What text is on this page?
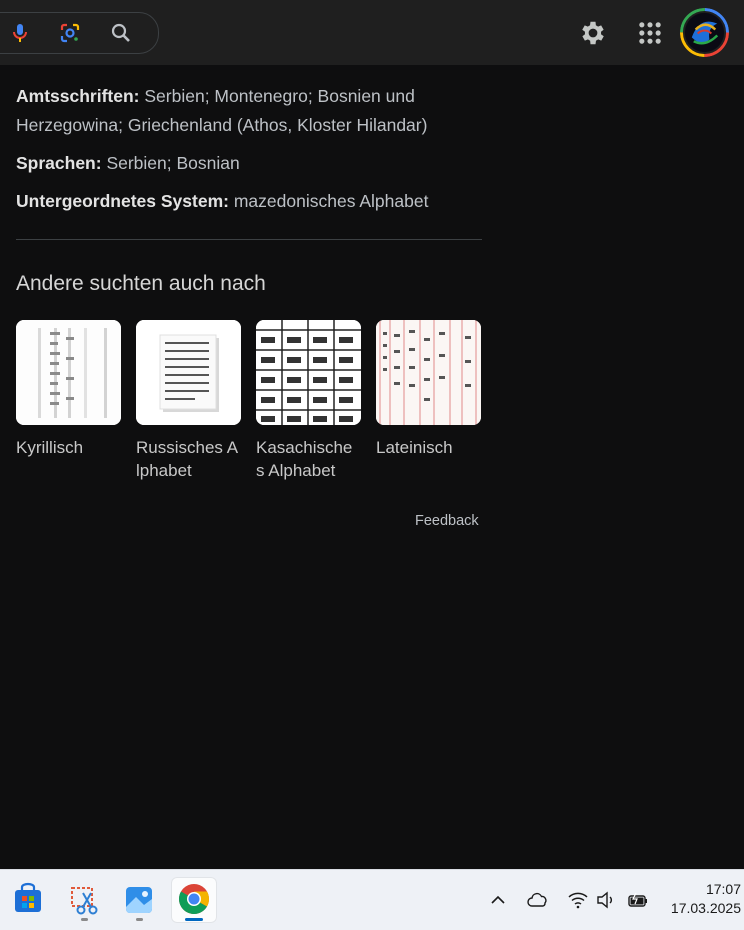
Amtsschriften: Serbien; Montenegro; Bosnien und Herzegowina; Griechenland (Athos, Kloster Hilandar)

Sprachen: Serbien; Bosnian

Untergeordnetes System: mazedonisches Alphabet

Andere suchten auch nach
Kyrillisch	Russisches Alphabet
Kasachische s Alphabet
Lateinisch
Feedback
17:07
17.03.2025
